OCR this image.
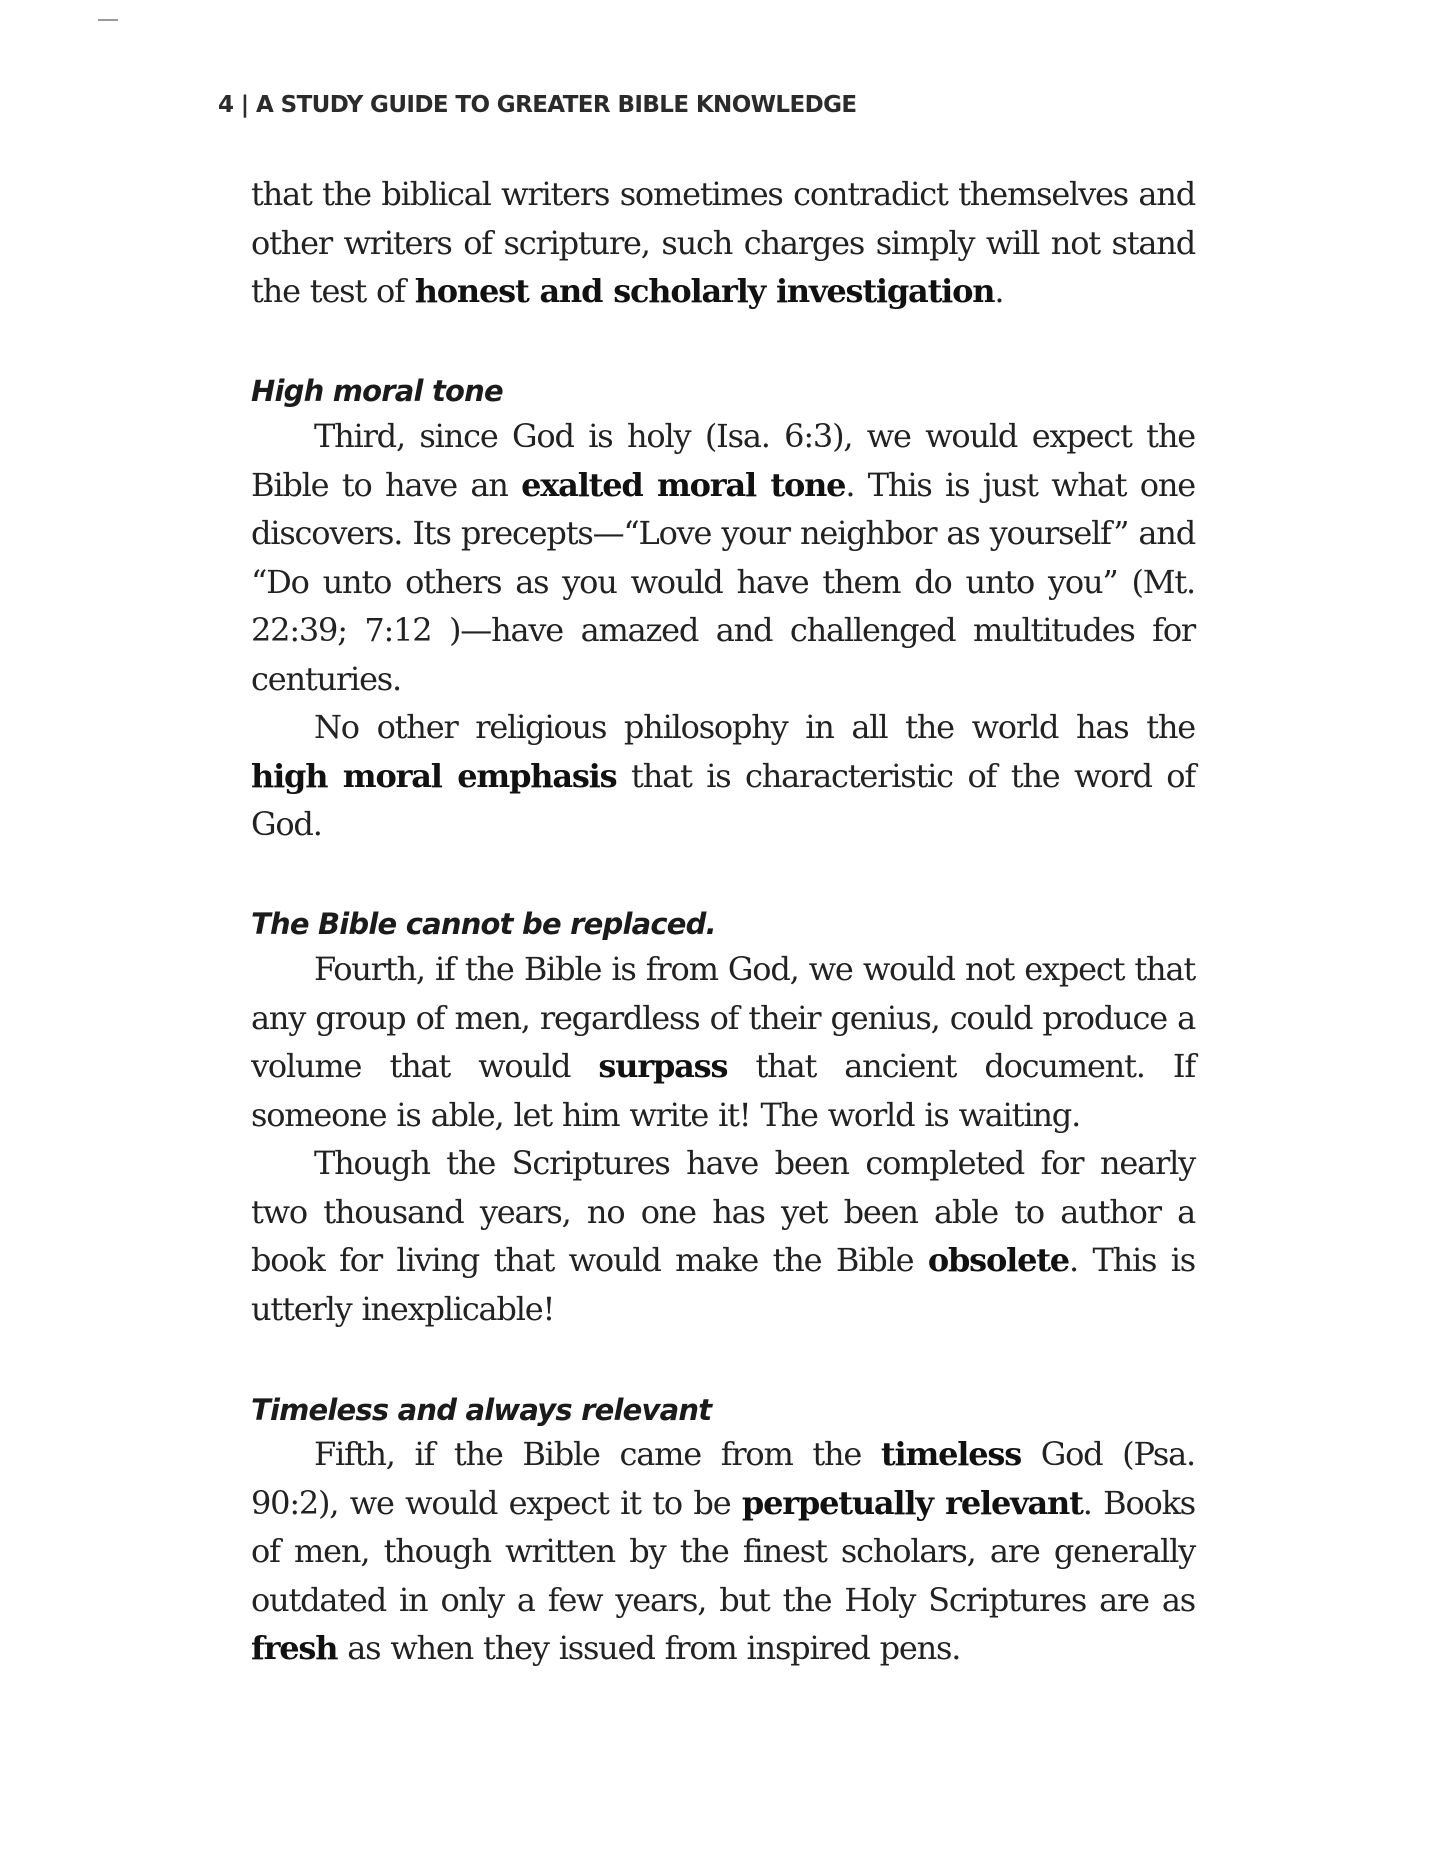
4 | A STUDY GUIDE TO GREATER BIBLE KNOWLEDGE

that the biblical writers sometimes contradict themselves and other writers of scripture, such charges simply will not stand the test of honest and scholarly investigation.

High moral tone

Third, since God is holy (Isa. 6:3), we would expect the Bible to have an exalted moral tone. This is just what one discovers. Its precepts—“Love your neighbor as yourself” and “Do unto others as you would have them do unto you” (Mt. 22:39; 7:12 )—have amazed and challenged multitudes for centuries.

No other religious philosophy in all the world has the high moral emphasis that is characteristic of the word of God.

The Bible cannot be replaced.

Fourth, if the Bible is from God, we would not expect that any group of men, regardless of their genius, could produce a volume that would surpass that ancient document. If someone is able, let him write it! The world is waiting.

Though the Scriptures have been completed for nearly two thousand years, no one has yet been able to author a book for living that would make the Bible obsolete. This is utterly inexplicable!

Timeless and always relevant

Fifth, if the Bible came from the timeless God (Psa. 90:2), we would expect it to be perpetually relevant. Books of men, though written by the finest scholars, are generally outdated in only a few years, but the Holy Scriptures are as fresh as when they issued from inspired pens.
